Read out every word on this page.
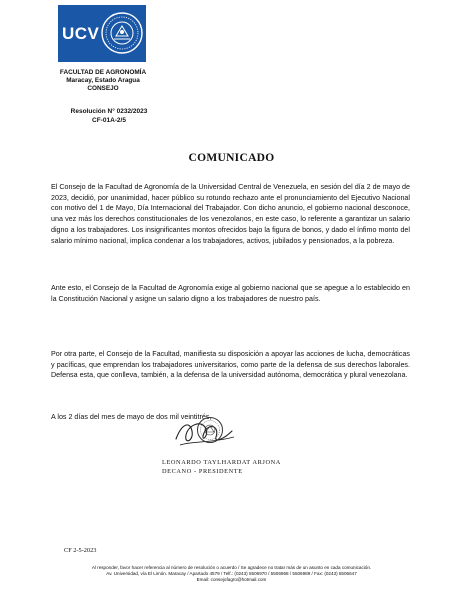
UCV
FACULTAD DE AGRONOMÍA
Maracay, Estado Aragua
CONSEJO
Resolución N° 0232/2023
CF-01A-2/5
COMUNICADO

El Consejo de la Facultad de Agronomía de la Universidad Central de Venezuela, en sesión del día 2 de mayo de 2023, decidió, por unanimidad, hacer público su rotundo rechazo ante el pronunciamiento del Ejecutivo Nacional con motivo del 1 de Mayo, Día Internacional del Trabajador. Con dicho anuncio, el gobierno nacional desconoce, una vez más los derechos constitucionales de los venezolanos, en este caso, lo referente a garantizar un salario digno a los trabajadores. Los insignificantes montos ofrecidos bajo la figura de bonos, y dado el ínfimo monto del salario mínimo nacional, implica condenar a los trabajadores, activos, jubilados y pensionados, a la pobreza.

Ante esto, el Consejo de la Facultad de Agronomía exige al gobierno nacional que se apegue a lo establecido en la Constitución Nacional y asigne un salario digno a los trabajadores de nuestro país.

Por otra parte, el Consejo de la Facultad, manifiesta su disposición a apoyar las acciones de lucha, democráticas y pacíficas, que emprendan los trabajadores universitarios, como parte de la defensa de sus derechos laborales. Defensa esta, que conlleva, también, a la defensa de la universidad autónoma, democrática y plural venezolana.

A los 2 días del mes de mayo de dos mil veintitrés,
LEONARDO TAYLHARDAT ARJONA
DECANO - PRESIDENTE
CF 2-5-2023
Al responder, favor hacer referencia al número de resolución o acuerdo / Se agradece no tratar más de un asunto en cada comunicación.
Av. Universidad, vía El Limón. Maracay / Apartado 4579 / Telf.: (0243) 5506970 / 5506968 / 5506989 / Fax: (0243) 5506647
Email: consejofagro@hotmail.com
